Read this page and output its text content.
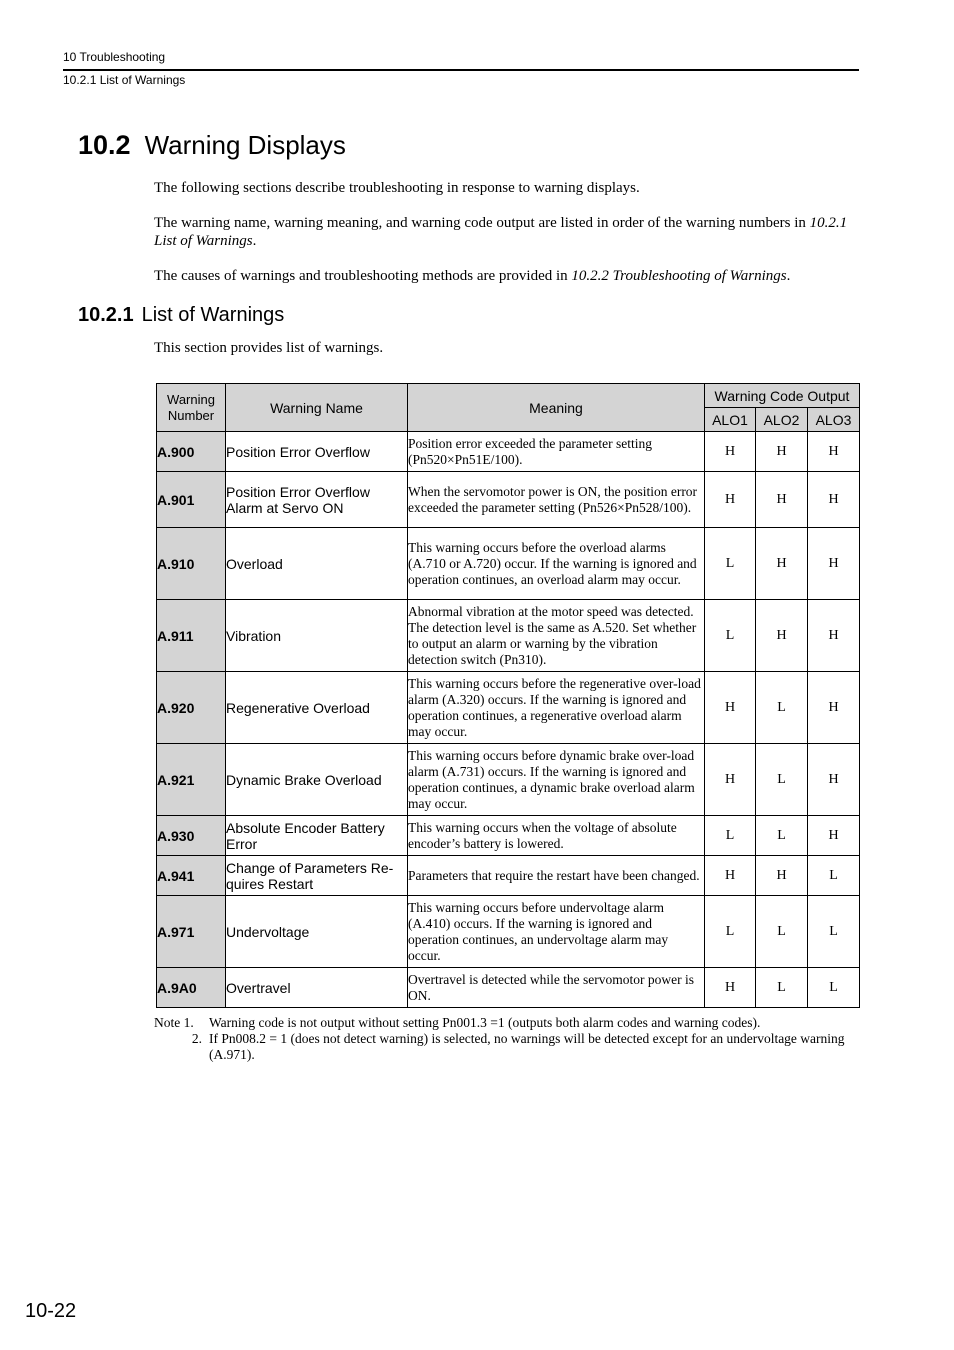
10 Troubleshooting
10.2.1 List of Warnings
10.2 Warning Displays

The following sections describe troubleshooting in response to warning displays.

The warning name, warning meaning, and warning code output are listed in order of the warning numbers in 10.2.1 List of Warnings.

The causes of warnings and troubleshooting methods are provided in 10.2.2 Troubleshooting of Warnings.

10.2.1 List of Warnings

This section provides list of warnings.

Warning Number	Warning Name	Meaning	Warning Code Output		
			ALO1	ALO2	ALO3
A.900	Position Error Overflow	Position error exceeded the parameter setting (Pn520×Pn51E/100).	H	H	H
A.901	Position Error Overflow Alarm at Servo ON	When the servomotor power is ON, the position error exceeded the parameter setting (Pn526×Pn528/100).	H	H	H
A.910	Overload	This warning occurs before the overload alarms (A.710 or A.720) occur. If the warning is ignored and operation continues, an overload alarm may occur.	L	H	H
A.911	Vibration	Abnormal vibration at the motor speed was detected. The detection level is the same as A.520. Set whether to output an alarm or warning by the vibration detection switch (Pn310).	L	H	H
A.920	Regenerative Overload	This warning occurs before the regenerative over-load alarm (A.320) occurs. If the warning is ignored and operation continues, a regenerative overload alarm may occur.	H	L	H
A.921	Dynamic Brake Overload	This warning occurs before dynamic brake over-load alarm (A.731) occurs. If the warning is ignored and operation continues, a dynamic brake overload alarm may occur.	H	L	H
A.930	Absolute Encoder Battery Error	This warning occurs when the voltage of absolute encoder’s battery is lowered.	L	L	H
A.941	Change of Parameters Re-quires Restart	Parameters that require the restart have been changed.	H	H	L
A.971	Undervoltage	This warning occurs before undervoltage alarm (A.410) occurs. If the warning is ignored and operation continues, an undervoltage alarm may occur.	L	L	L
A.9A0	Overtravel	Overtravel is detected while the servomotor power is ON.	H	L	L
Note 1.	Warning code is not output without setting Pn001.3 =1 (outputs both alarm codes and warning codes).
2. If Pn008.2 = 1 (does not detect warning) is selected, no warnings will be detected except for an undervoltage warning (A.971).
10-22
